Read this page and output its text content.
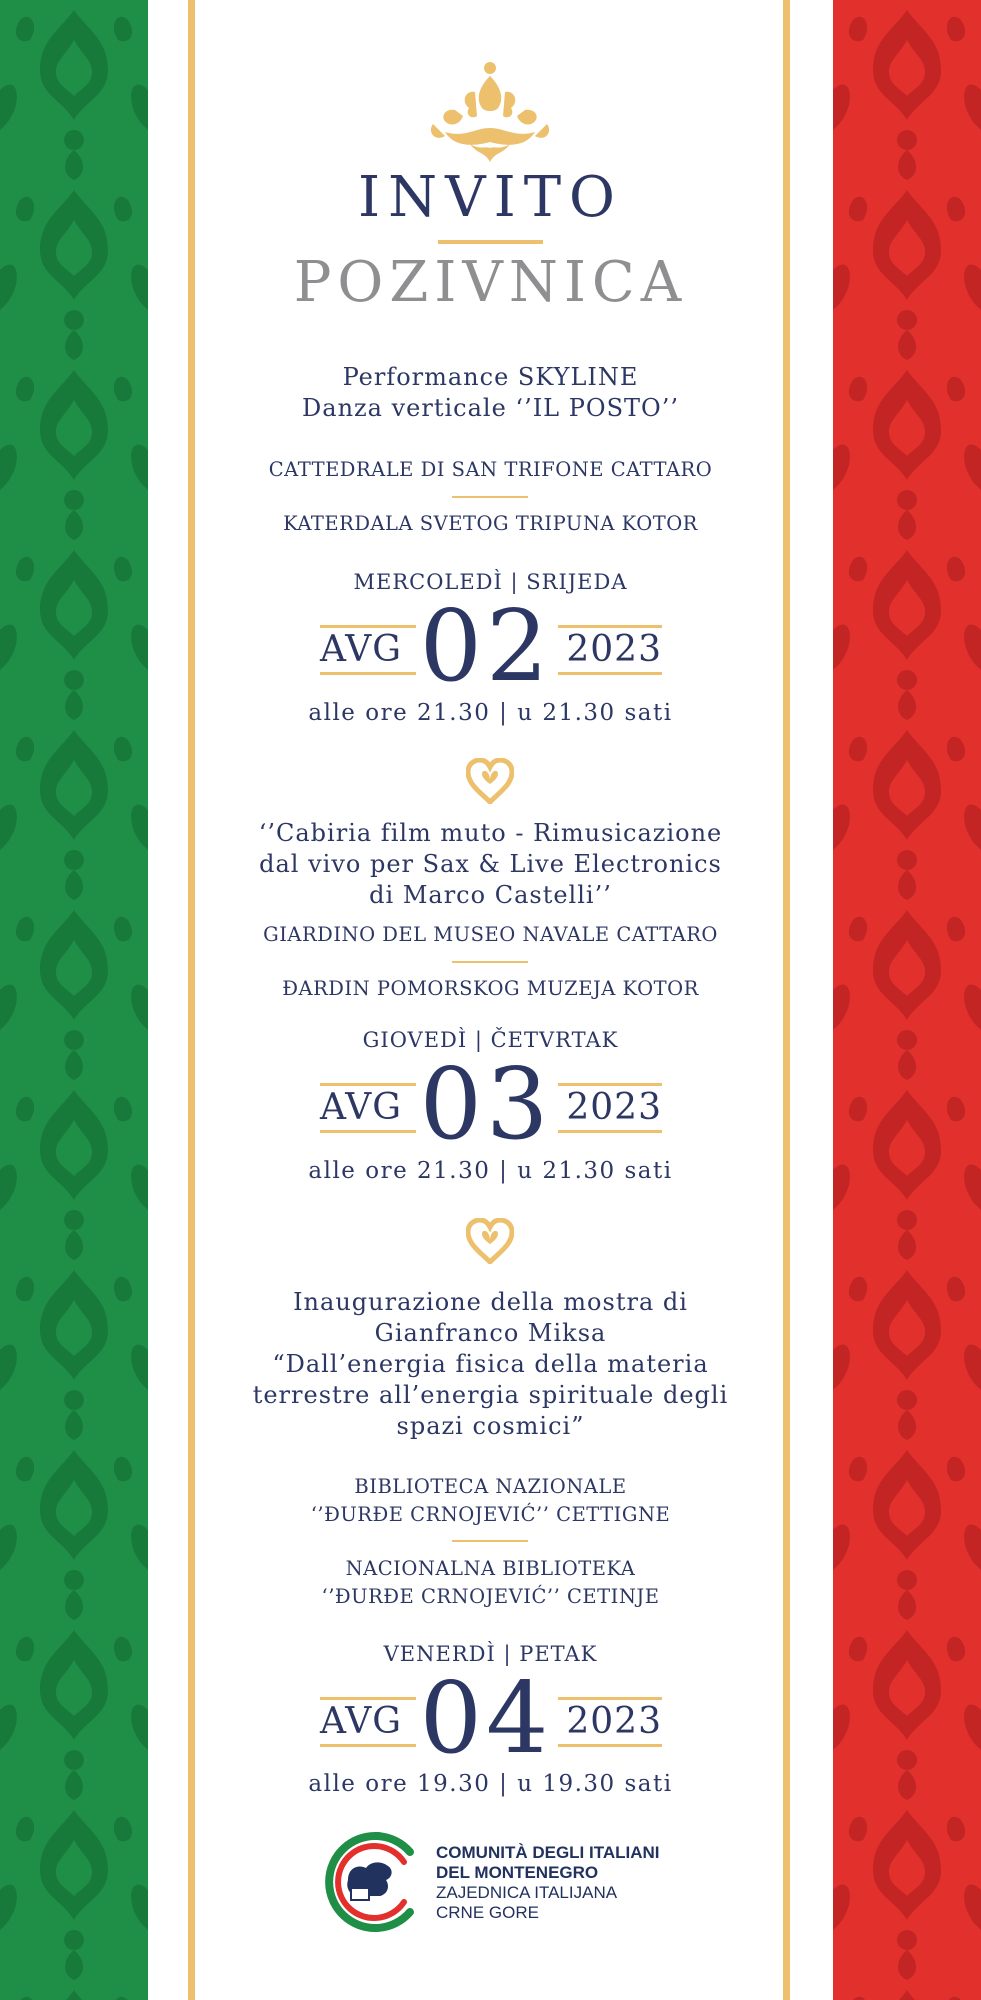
INVITO
POZIVNICA
Performance SKYLINE
Danza verticale ‘’IL POSTO’’
CATTEDRALE DI SAN TRIFONE CATTARO
KATERDALA SVETOG TRIPUNA KOTOR
MERCOLEDÌ | SRIJEDA
AVG 02 2023
alle ore 21.30 | u 21.30 sati
‘’Cabiria film muto - Rimusicazione
dal vivo per Sax & Live Electronics
di Marco Castelli’’
GIARDINO DEL MUSEO NAVALE CATTARO
ĐARDIN POMORSKOG MUZEJA KOTOR
GIOVEDÌ | ČETVRTAK
AVG 03 2023
alle ore 21.30 | u 21.30 sati
Inaugurazione della mostra di
Gianfranco Miksa
“Dall’energia fisica della materia
terrestre all’energia spirituale degli
spazi cosmici”
BIBLIOTECA NAZIONALE
‘’ĐURĐE CRNOJEVIĆ’’ CETTIGNE
NACIONALNA BIBLIOTEKA
‘’ĐURĐE CRNOJEVIĆ’’ CETINJE
VENERDÌ | PETAK
AVG 04 2023
alle ore 19.30 | u 19.30 sati
COMUNITÀ DEGLI ITALIANI
DEL MONTENEGRO
ZAJEDNICA ITALIJANA
CRNE GORE
